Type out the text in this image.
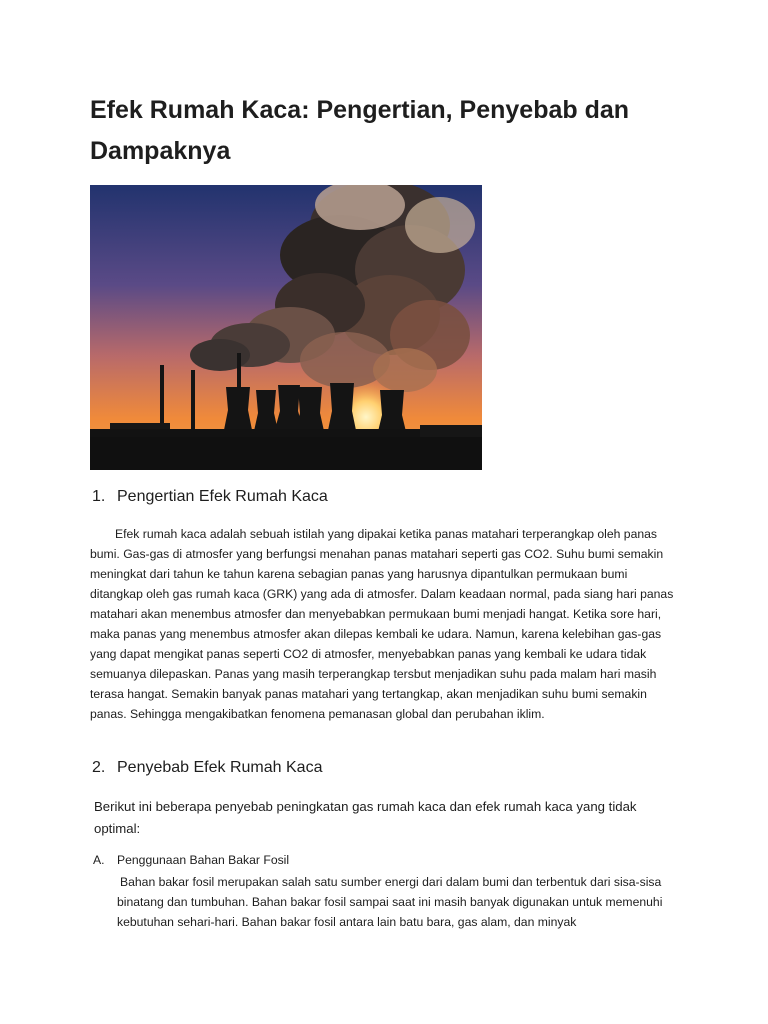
Efek Rumah Kaca: Pengertian, Penyebab dan Dampaknya
1. Pengertian Efek Rumah Kaca

Efek rumah kaca adalah sebuah istilah yang dipakai ketika panas matahari terperangkap oleh panas bumi. Gas-gas di atmosfer yang berfungsi menahan panas matahari seperti gas CO2. Suhu bumi semakin meningkat dari tahun ke tahun karena sebagian panas yang harusnya dipantulkan permukaan bumi ditangkap oleh gas rumah kaca (GRK) yang ada di atmosfer. Dalam keadaan normal, pada siang hari panas matahari akan menembus atmosfer dan menyebabkan permukaan bumi menjadi hangat. Ketika sore hari, maka panas yang menembus atmosfer akan dilepas kembali ke udara. Namun, karena kelebihan gas-gas yang dapat mengikat panas seperti CO2 di atmosfer, menyebabkan panas yang kembali ke udara tidak semuanya dilepaskan. Panas yang masih terperangkap tersbut menjadikan suhu pada malam hari masih terasa hangat. Semakin banyak panas matahari yang tertangkap, akan menjadikan suhu bumi semakin panas. Sehingga mengakibatkan fenomena pemanasan global dan perubahan iklim.

2. Penyebab Efek Rumah Kaca

Berikut ini beberapa penyebab peningkatan gas rumah kaca dan efek rumah kaca yang tidak optimal:

A. Penggunaan Bahan Bakar Fosil

Bahan bakar fosil merupakan salah satu sumber energi dari dalam bumi dan terbentuk dari sisa-sisa binatang dan tumbuhan. Bahan bakar fosil sampai saat ini masih banyak digunakan untuk memenuhi kebutuhan sehari-hari. Bahan bakar fosil antara lain batu bara, gas alam, dan minyak
